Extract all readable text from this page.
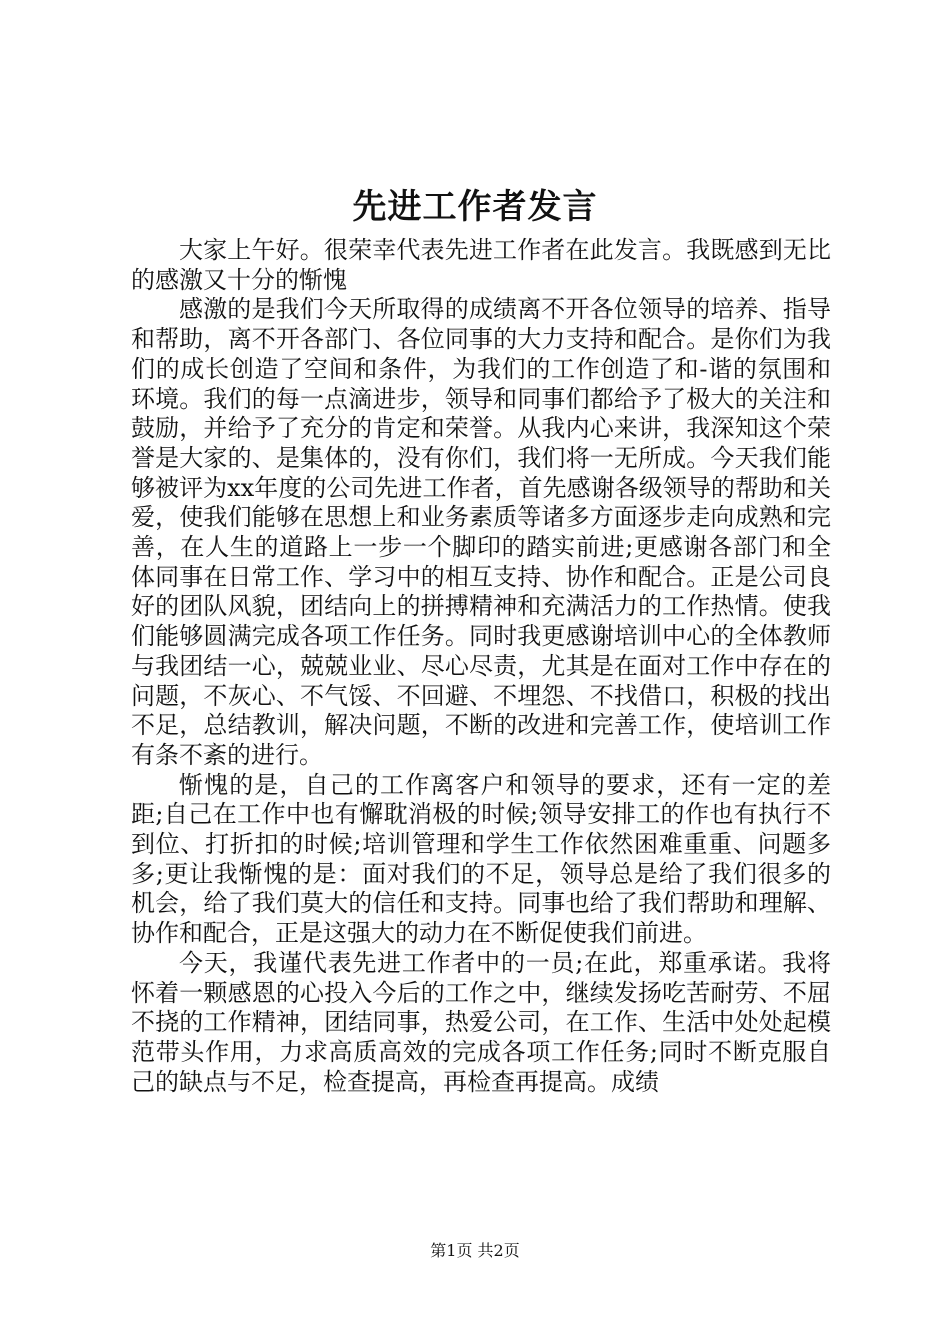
先进工作者发言

大家上午好。很荣幸代表先进工作者在此发言。我既感到无比的感激又十分的惭愧

感激的是我们今天所取得的成绩离不开各位领导的培养、指导和帮助，离不开各部门、各位同事的大力支持和配合。是你们为我们的成长创造了空间和条件，为我们的工作创造了和-谐的氛围和环境。我们的每一点滴进步，领导和同事们都给予了极大的关注和鼓励，并给予了充分的肯定和荣誉。从我内心来讲，我深知这个荣誉是大家的、是集体的，没有你们，我们将一无所成。今天我们能够被评为xx年度的公司先进工作者，首先感谢各级领导的帮助和关爱，使我们能够在思想上和业务素质等诸多方面逐步走向成熟和完善，在人生的道路上一步一个脚印的踏实前进;更感谢各部门和全体同事在日常工作、学习中的相互支持、协作和配合。正是公司良好的团队风貌，团结向上的拼搏精神和充满活力的工作热情。使我们能够圆满完成各项工作任务。同时我更感谢培训中心的全体教师与我团结一心，兢兢业业、尽心尽责，尤其是在面对工作中存在的问题，不灰心、不气馁、不回避、不埋怨、不找借口，积极的找出不足，总结教训，解决问题，不断的改进和完善工作，使培训工作有条不紊的进行。

惭愧的是，自己的工作离客户和领导的要求，还有一定的差距;自己在工作中也有懈耽消极的时候;领导安排工的作也有执行不到位、打折扣的时候;培训管理和学生工作依然困难重重、问题多多;更让我惭愧的是：面对我们的不足，领导总是给了我们很多的机会，给了我们莫大的信任和支持。同事也给了我们帮助和理解、协作和配合，正是这强大的动力在不断促使我们前进。

今天，我谨代表先进工作者中的一员;在此，郑重承诺。我将怀着一颗感恩的心投入今后的工作之中，继续发扬吃苦耐劳、不屈不挠的工作精神，团结同事，热爱公司，在工作、生活中处处起模范带头作用，力求高质高效的完成各项工作任务;同时不断克服自己的缺点与不足，检查提高，再检查再提高。成绩

第1页 共2页
